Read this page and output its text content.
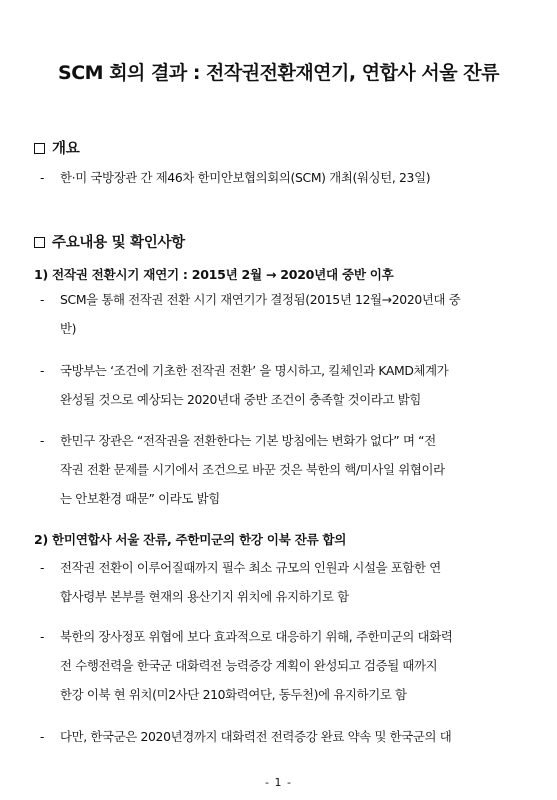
SCM 회의 결과 : 전작권전환재연기, 연합사 서울 잔류
개요
-	한·미 국방장관 간 제46차 한미안보협의회의(SCM) 개최(워싱턴, 23일)
주요내용 및 확인사항
1) 전작권 전환시기 재연기 : 2015년 2월 → 2020년대 중반 이후
-	SCM을 통해 전작권 전환 시기 재연기가 결정됨(2015년 12월→2020년대 중
반)
-	국방부는 ‘조건에 기초한 전작권 전환’ 을 명시하고, 킬체인과 KAMD체계가
완성될 것으로 예상되는 2020년대 중반 조건이 충족할 것이라고 밝힘
-	한민구 장관은 “전작권을 전환한다는 기본 방침에는 변화가 없다” 며 “전
작권 전환 문제를 시기에서 조건으로 바꾼 것은 북한의 핵/미사일 위협이라
는 안보환경 때문” 이라도 밝힘
2) 한미연합사 서울 잔류, 주한미군의 한강 이북 잔류 합의
-	전작권 전환이 이루어질때까지 필수 최소 규모의 인원과 시설을 포함한 연
합사령부 본부를 현재의 용산기지 위치에 유지하기로 함
-	북한의 장사정포 위협에 보다 효과적으로 대응하기 위해, 주한미군의 대화력
전 수행전력을 한국군 대화력전 능력증강 계획이 완성되고 검증될 때까지
한강 이북 현 위치(미2사단 210화력여단, 동두천)에 유지하기로 함
-	다만, 한국군은 2020년경까지 대화력전 전력증강 완료 약속 및 한국군의 대
- 1 -
